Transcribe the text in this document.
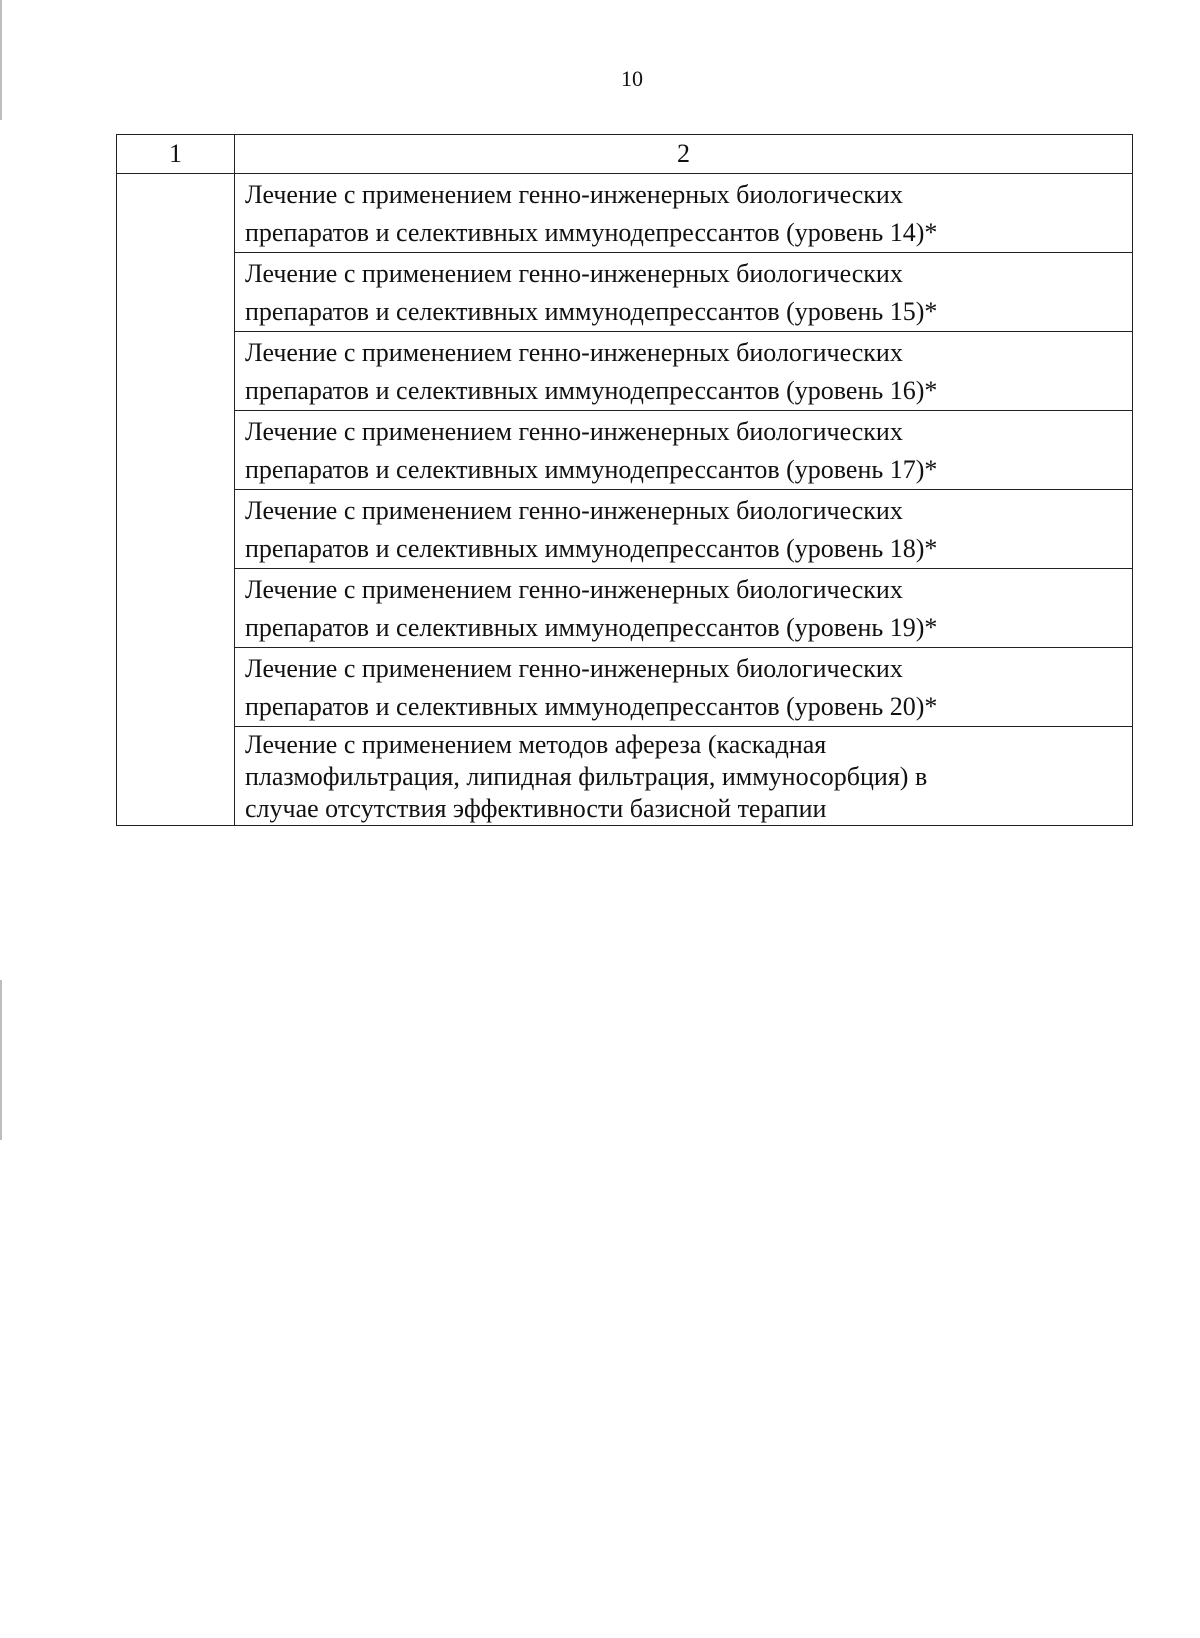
10
1	2

	Лечение с применением генно-инженерных биологических
препаратов и селективных иммунодепрессантов (уровень 14)*

	Лечение с применением генно-инженерных биологических
препаратов и селективных иммунодепрессантов (уровень 15)*

	Лечение с применением генно-инженерных биологических
препаратов и селективных иммунодепрессантов (уровень 16)*

	Лечение с применением генно-инженерных биологических
препаратов и селективных иммунодепрессантов (уровень 17)*

	Лечение с применением генно-инженерных биологических
препаратов и селективных иммунодепрессантов (уровень 18)*

	Лечение с применением генно-инженерных биологических
препаратов и селективных иммунодепрессантов (уровень 19)*

	Лечение с применением генно-инженерных биологических
препаратов и селективных иммунодепрессантов (уровень 20)*

	Лечение с применением методов афереза (каскадная
плазмофильтрация, липидная фильтрация, иммуносорбция) в
случае отсутствия эффективности базисной терапии
